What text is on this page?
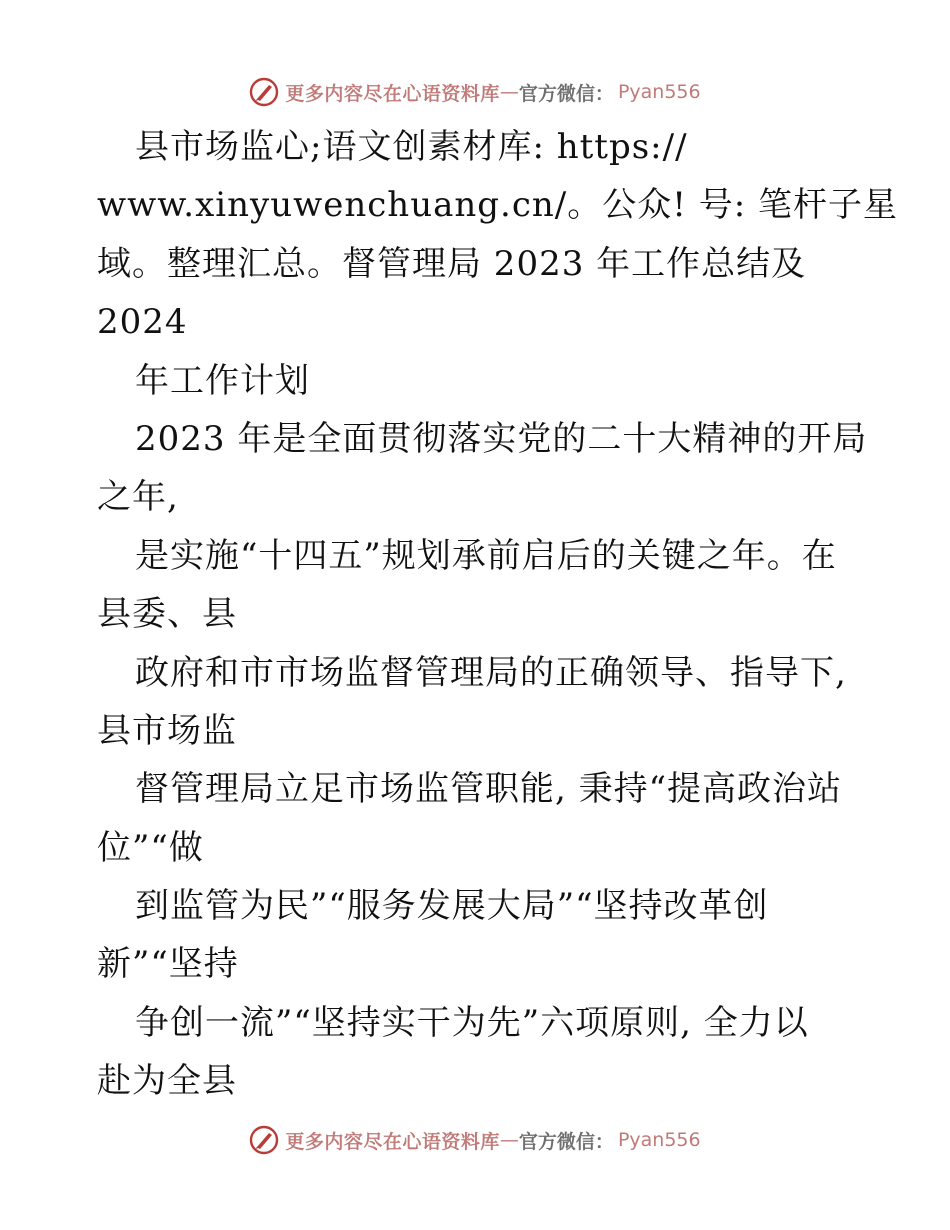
更多内容尽在心语资料库 — 官方微信： Pyan556
县市场监心;语文创素材库: https://
www.xinyuwenchuang.cn/。公众! 号: 笔杆子星
域。整理汇总。督管理局 2023 年工作总结及
2024
年工作计划
2023 年是全面贯彻落实党的二十大精神的开局
之年,
是实施“十四五”规划承前启后的关键之年。在
县委、县
政府和市市场监督管理局的正确领导、指导下,
县市场监
督管理局立足市场监管职能, 秉持“提高政治站
位”“做
到监管为民”“服务发展大局”“坚持改革创
新”“坚持
争创一流”“坚持实干为先”六项原则, 全力以
赴为全县
更多内容尽在心语资料库 — 官方微信： Pyan556
